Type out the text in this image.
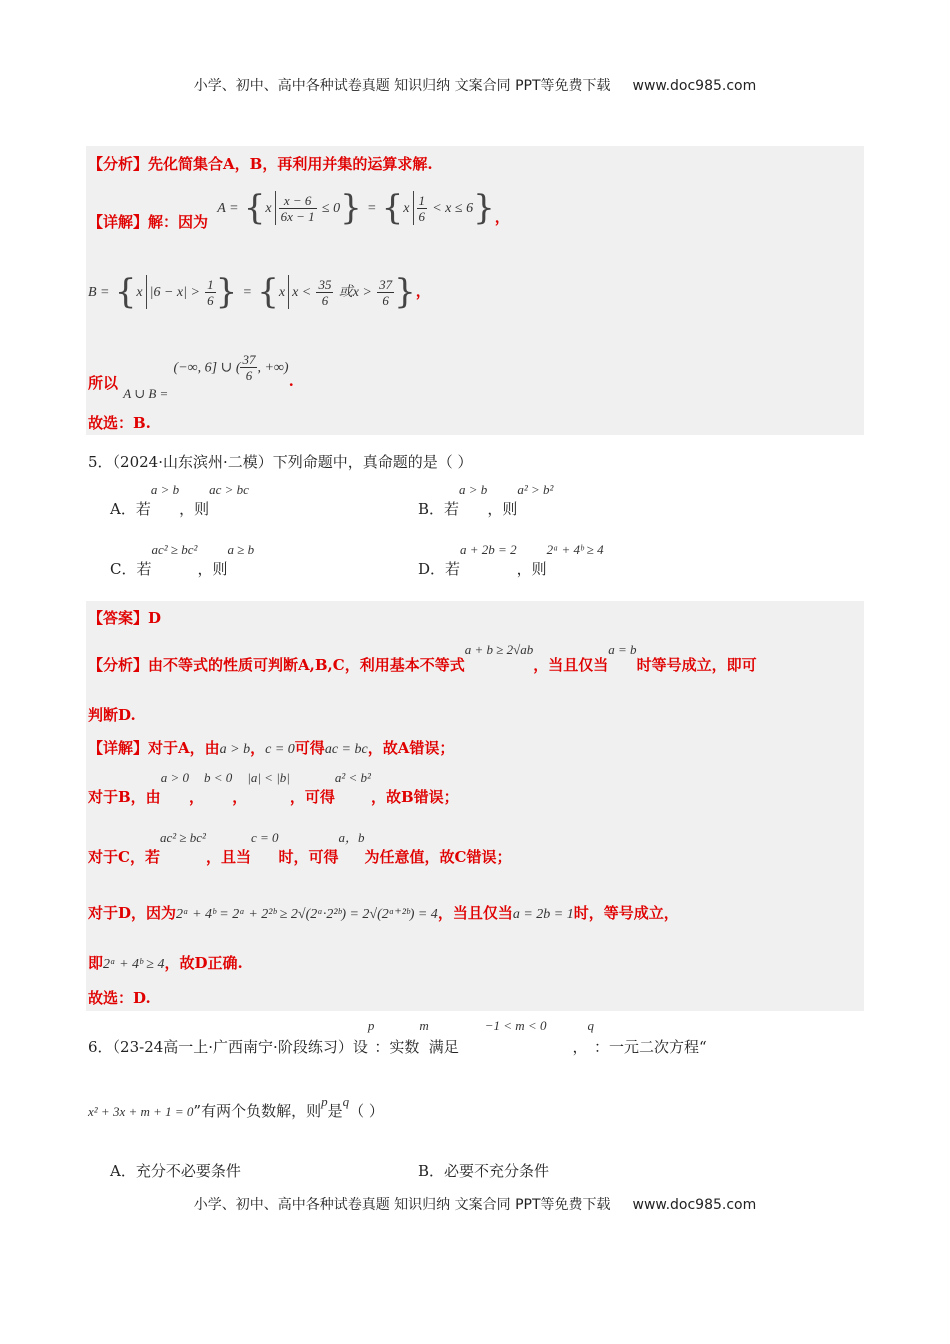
小学、初中、高中各种试卷真题 知识归纳 文案合同 PPT等免费下载 www.doc985.com
【分析】先化简集合A，B，再利用并集的运算求解.
【详解】解：因为 $A = \{x \frac{x - 6}{6x - 1} \le 0\} = \{x \frac{1}{6} < x \le 6\}$，
B = {x $|6 - x| > \frac{1}{6}$ } = {x $x < \frac{35}{6}$ 或$x > \frac{37}{6}$ }，
所以 A ∪ B = (−∞, 6] ∪ ( $\frac{37}{6}$ , +∞).
故选：B.
5．（2024·山东滨州·二模）下列命题中，真命题的是（ ）
A．若a > b，则ac > bc
B．若a > b，则a² > b²
C．若ac² ≥ bc²，则a ≥ b
D．若a + 2b = 2，则2ᵃ + 4ᵇ ≥ 4
【答案】D
【分析】由不等式的性质可判断A,B,C，利用基本不等式a + b ≥ 2√ab，当且仅当a = b时等号成立，即可
判断D.
【详解】对于A，由a > b，c = 0可得ac = bc，故A错误；
对于B，由a > 0，b < 0，|a| < |b|，可得a² < b²，故B错误；
对于C，若ac² ≥ bc²，且当c = 0时，可得a，b为任意值，故C错误；
对于D，因为2ᵃ + 4ᵇ = 2ᵃ + 2²ᵇ ≥ 2√(2ᵃ·2²ᵇ) = 2√(2ᵃ⁺²ᵇ) = 4，当且仅当a = 2b = 1时，等号成立，
即2ᵃ + 4ᵇ ≥ 4，故D正确.
故选：D.
6．（23-24高一上·广西南宁·阶段练习）设p：实数m满足−1 < m < 0，q：一元二次方程“
x² + 3x + m + 1 = 0”有两个负数解，则p是q（ ）
A．充分不必要条件	B．必要不充分条件
小学、初中、高中各种试卷真题 知识归纳 文案合同 PPT等免费下载 www.doc985.com
